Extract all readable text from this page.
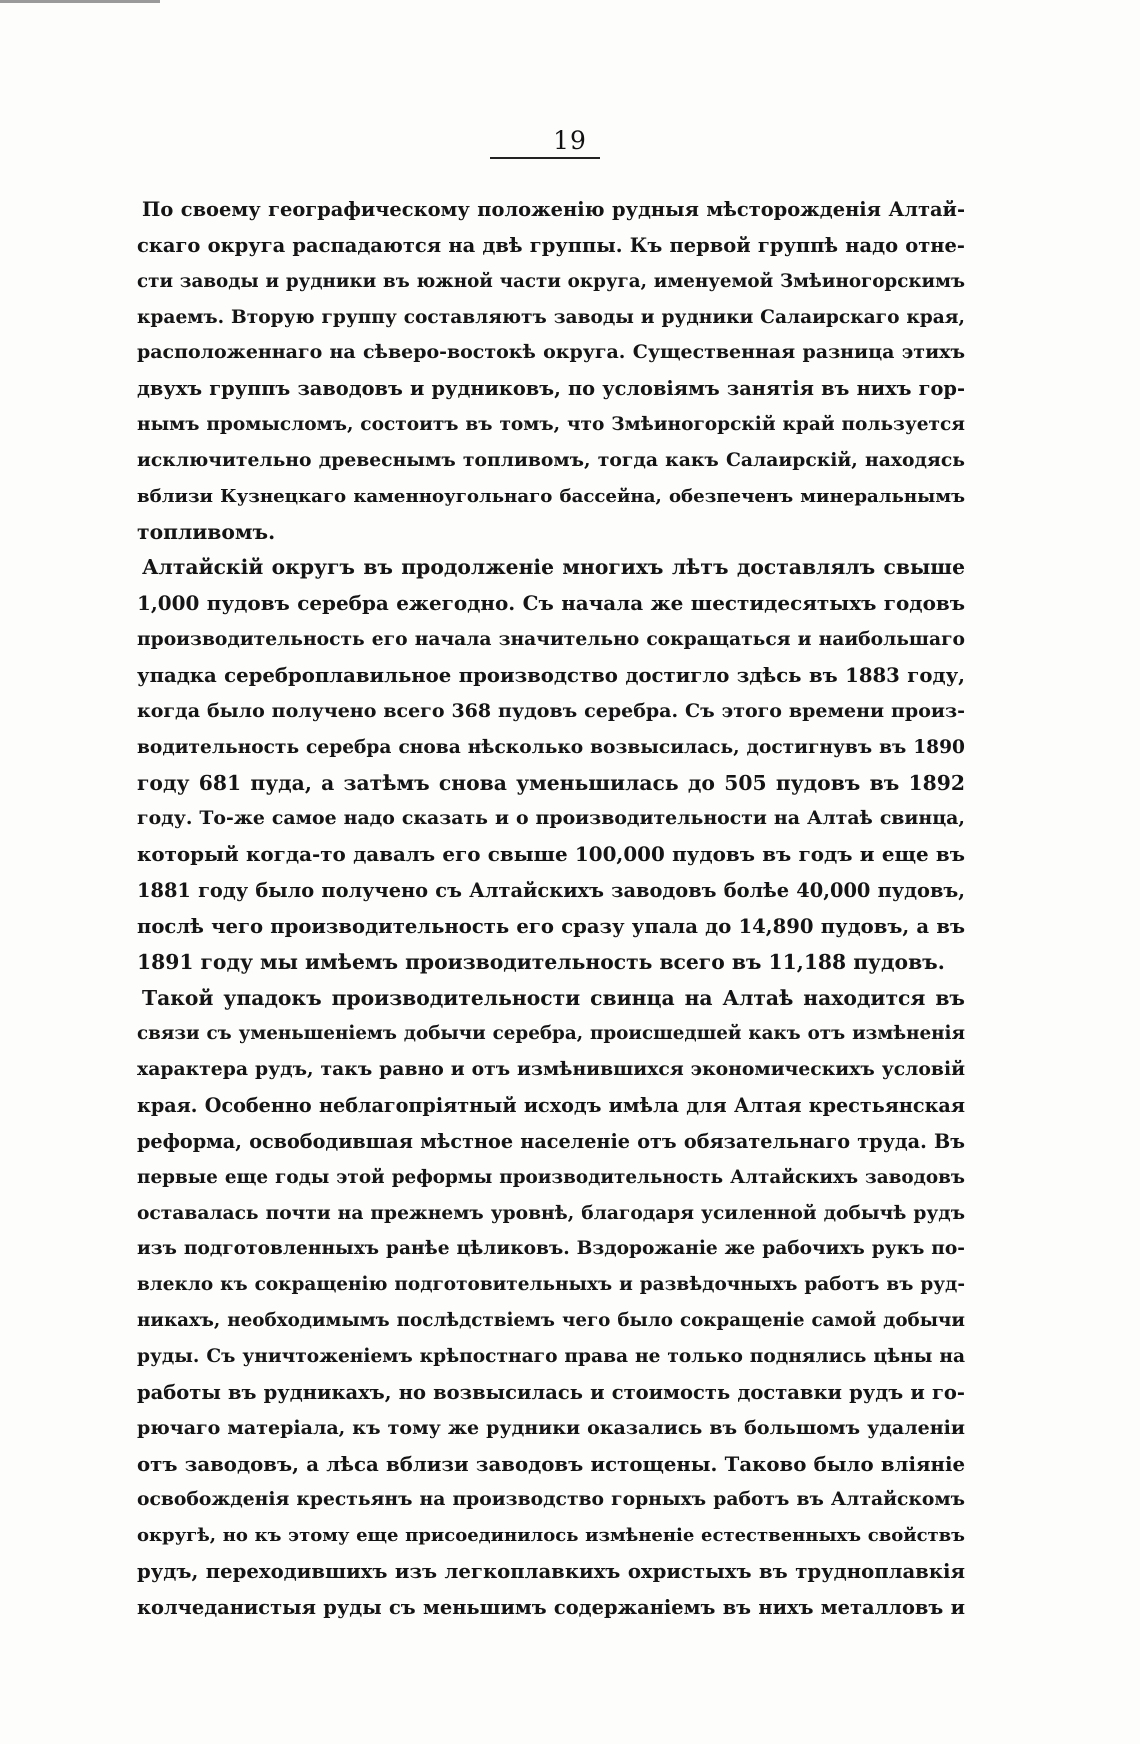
19
По своему географическому положенію рудныя мѣсторожденія Алтай-
скаго округа распадаются на двѣ группы. Къ первой группѣ надо отне-
сти заводы и рудники въ южной части округа, именуемой Змѣиногорскимъ
краемъ. Вторую группу составляютъ заводы и рудники Салаирскаго края,
расположеннаго на сѣверо-востокѣ округа. Существенная разница этихъ
двухъ группъ заводовъ и рудниковъ, по условіямъ занятія въ нихъ гор-
нымъ промысломъ, состоитъ въ томъ, что Змѣиногорскій край пользуется
исключительно древеснымъ топливомъ, тогда какъ Салаирскій, находясь
вблизи Кузнецкаго каменноугольнаго бассейна, обезпеченъ минеральнымъ
топливомъ.
Алтайскій округъ въ продолженіе многихъ лѣтъ доставлялъ свыше
1,000 пудовъ серебра ежегодно. Съ начала же шестидесятыхъ годовъ
производительность его начала значительно сокращаться и наибольшаго
упадка сереброплавильное производство достигло здѣсь въ 1883 году,
когда было получено всего 368 пудовъ серебра. Съ этого времени произ-
водительность серебра снова нѣсколько возвысилась, достигнувъ въ 1890
году 681 пуда, а затѣмъ снова уменьшилась до 505 пудовъ въ 1892
году. То-же самое надо сказать и о производительности на Алтаѣ свинца,
который когда-то давалъ его свыше 100,000 пудовъ въ годъ и еще въ
1881 году было получено съ Алтайскихъ заводовъ болѣе 40,000 пудовъ,
послѣ чего производительность его сразу упала до 14,890 пудовъ, а въ
1891 году мы имѣемъ производительность всего въ 11,188 пудовъ.
Такой упадокъ производительности свинца на Алтаѣ находится въ
связи съ уменьшеніемъ добычи серебра, происшедшей какъ отъ измѣненія
характера рудъ, такъ равно и отъ измѣнившихся экономическихъ условій
края. Особенно неблагопріятный исходъ имѣла для Алтая крестьянская
реформа, освободившая мѣстное населеніе отъ обязательнаго труда. Въ
первые еще годы этой реформы производительность Алтайскихъ заводовъ
оставалась почти на прежнемъ уровнѣ, благодаря усиленной добычѣ рудъ
изъ подготовленныхъ ранѣе цѣликовъ. Вздорожаніе же рабочихъ рукъ по-
влекло къ сокращенію подготовительныхъ и развѣдочныхъ работъ въ руд-
никахъ, необходимымъ послѣдствіемъ чего было сокращеніе самой добычи
руды. Съ уничтоженіемъ крѣпостнаго права не только поднялись цѣны на
работы въ рудникахъ, но возвысилась и стоимость доставки рудъ и го-
рючаго матеріала, къ тому же рудники оказались въ большомъ удаленіи
отъ заводовъ, а лѣса вблизи заводовъ истощены. Таково было вліяніе
освобожденія крестьянъ на производство горныхъ работъ въ Алтайскомъ
округѣ, но къ этому еще присоединилось измѣненіе естественныхъ свойствъ
рудъ, переходившихъ изъ легкоплавкихъ охристыхъ въ трудноплавкія
колчеданистыя руды съ меньшимъ содержаніемъ въ нихъ металловъ и
